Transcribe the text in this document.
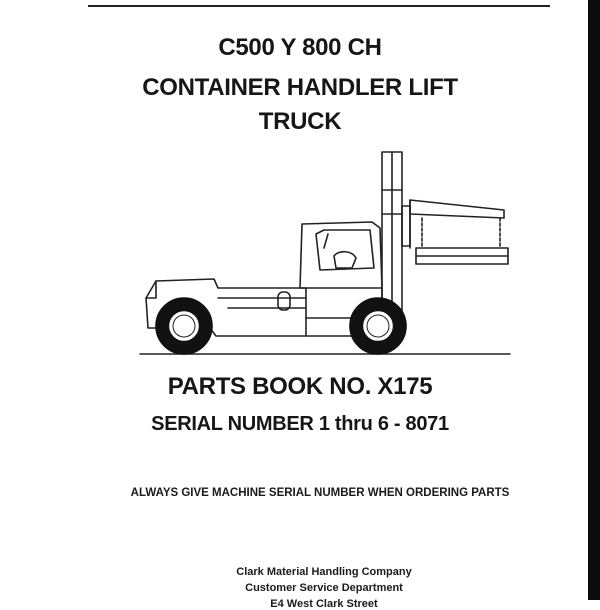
C500 Y 800 CH
CONTAINER HANDLER LIFT
TRUCK
PARTS BOOK NO. X175
SERIAL NUMBER 1 thru 6 - 8071
ALWAYS GIVE MACHINE SERIAL NUMBER WHEN ORDERING PARTS
Clark Material Handling Company
Customer Service Department
E4 West Clark Street
